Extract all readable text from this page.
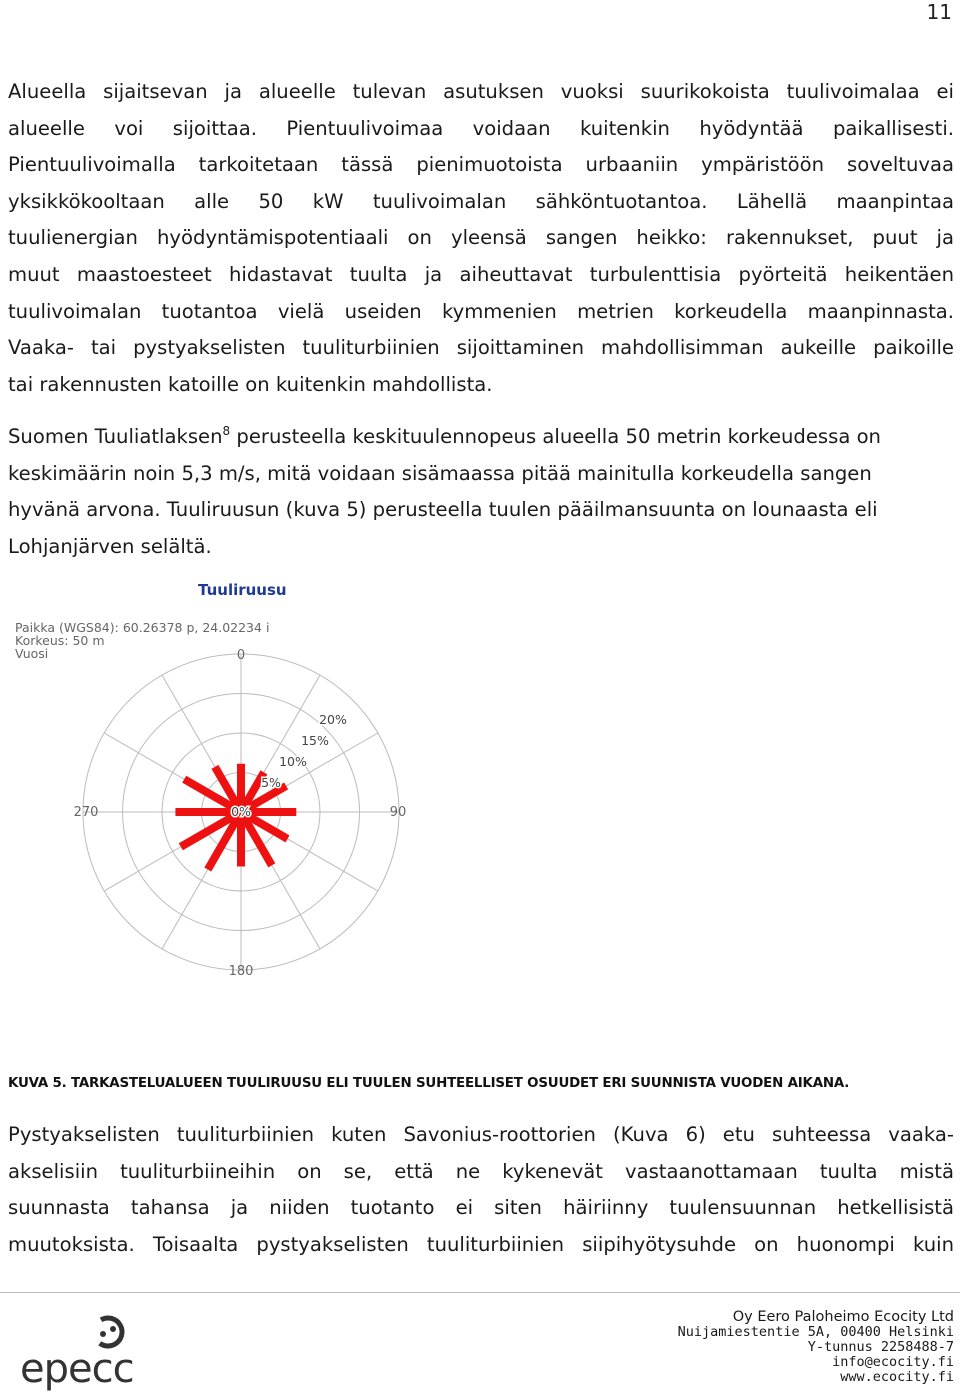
11
Alueella sijaitsevan ja alueelle tulevan asutuksen vuoksi suurikokoista tuulivoimalaa ei
alueelle voi sijoittaa. Pientuulivoimaa voidaan kuitenkin hyödyntää paikallisesti.
Pientuulivoimalla tarkoitetaan tässä pienimuotoista urbaaniin ympäristöön soveltuvaa
yksikkökooltaan alle 50 kW tuulivoimalan sähköntuotantoa. Lähellä maanpintaa
tuulienergian hyödyntämispotentiaali on yleensä sangen heikko: rakennukset, puut ja
muut maastoesteet hidastavat tuulta ja aiheuttavat turbulenttisia pyörteitä heikentäen
tuulivoimalan tuotantoa vielä useiden kymmenien metrien korkeudella maanpinnasta.
Vaaka- tai pystyakselisten tuuliturbiinien sijoittaminen mahdollisimman aukeille paikoille
tai rakennusten katoille on kuitenkin mahdollista.
Suomen Tuuliatlaksen$^8$ perusteella keskituulennopeus alueella 50 metrin korkeudessa on
keskimäärin noin 5,3 m/s, mitä voidaan sisämaassa pitää mainitulla korkeudella sangen
hyvänä arvona. Tuuliruusun (kuva 5) perusteella tuulen pääilmansuunta on lounaasta eli
Lohjanjärven selältä.
Tuuliruusu
Paikka (WGS84): 60.26378 p, 24.02234 i
Korkeus: 50 m
Vuosi
0%
5%
10%
15%
20%
0
90
180
270
KUVA 5. TARKASTELUALUEEN TUULIRUUSU ELI TUULEN SUHTEELLISET OSUUDET ERI SUUNNISTA VUODEN AIKANA.
Pystyakselisten tuuliturbiinien kuten Savonius-roottorien (Kuva 6) etu suhteessa vaaka-
akselisiin tuuliturbiineihin on se, että ne kykenevät vastaanottamaan tuulta mistä
suunnasta tahansa ja niiden tuotanto ei siten häiriinny tuulensuunnan hetkellisistä
muutoksista. Toisaalta pystyakselisten tuuliturbiinien siipihyötysuhde on huonompi kuin
epecc
Oy Eero Paloheimo Ecocity Ltd
Nuijamiestentie 5A, 00400 Helsinki
Y-tunnus 2258488-7
info@ecocity.fi
www.ecocity.fi
